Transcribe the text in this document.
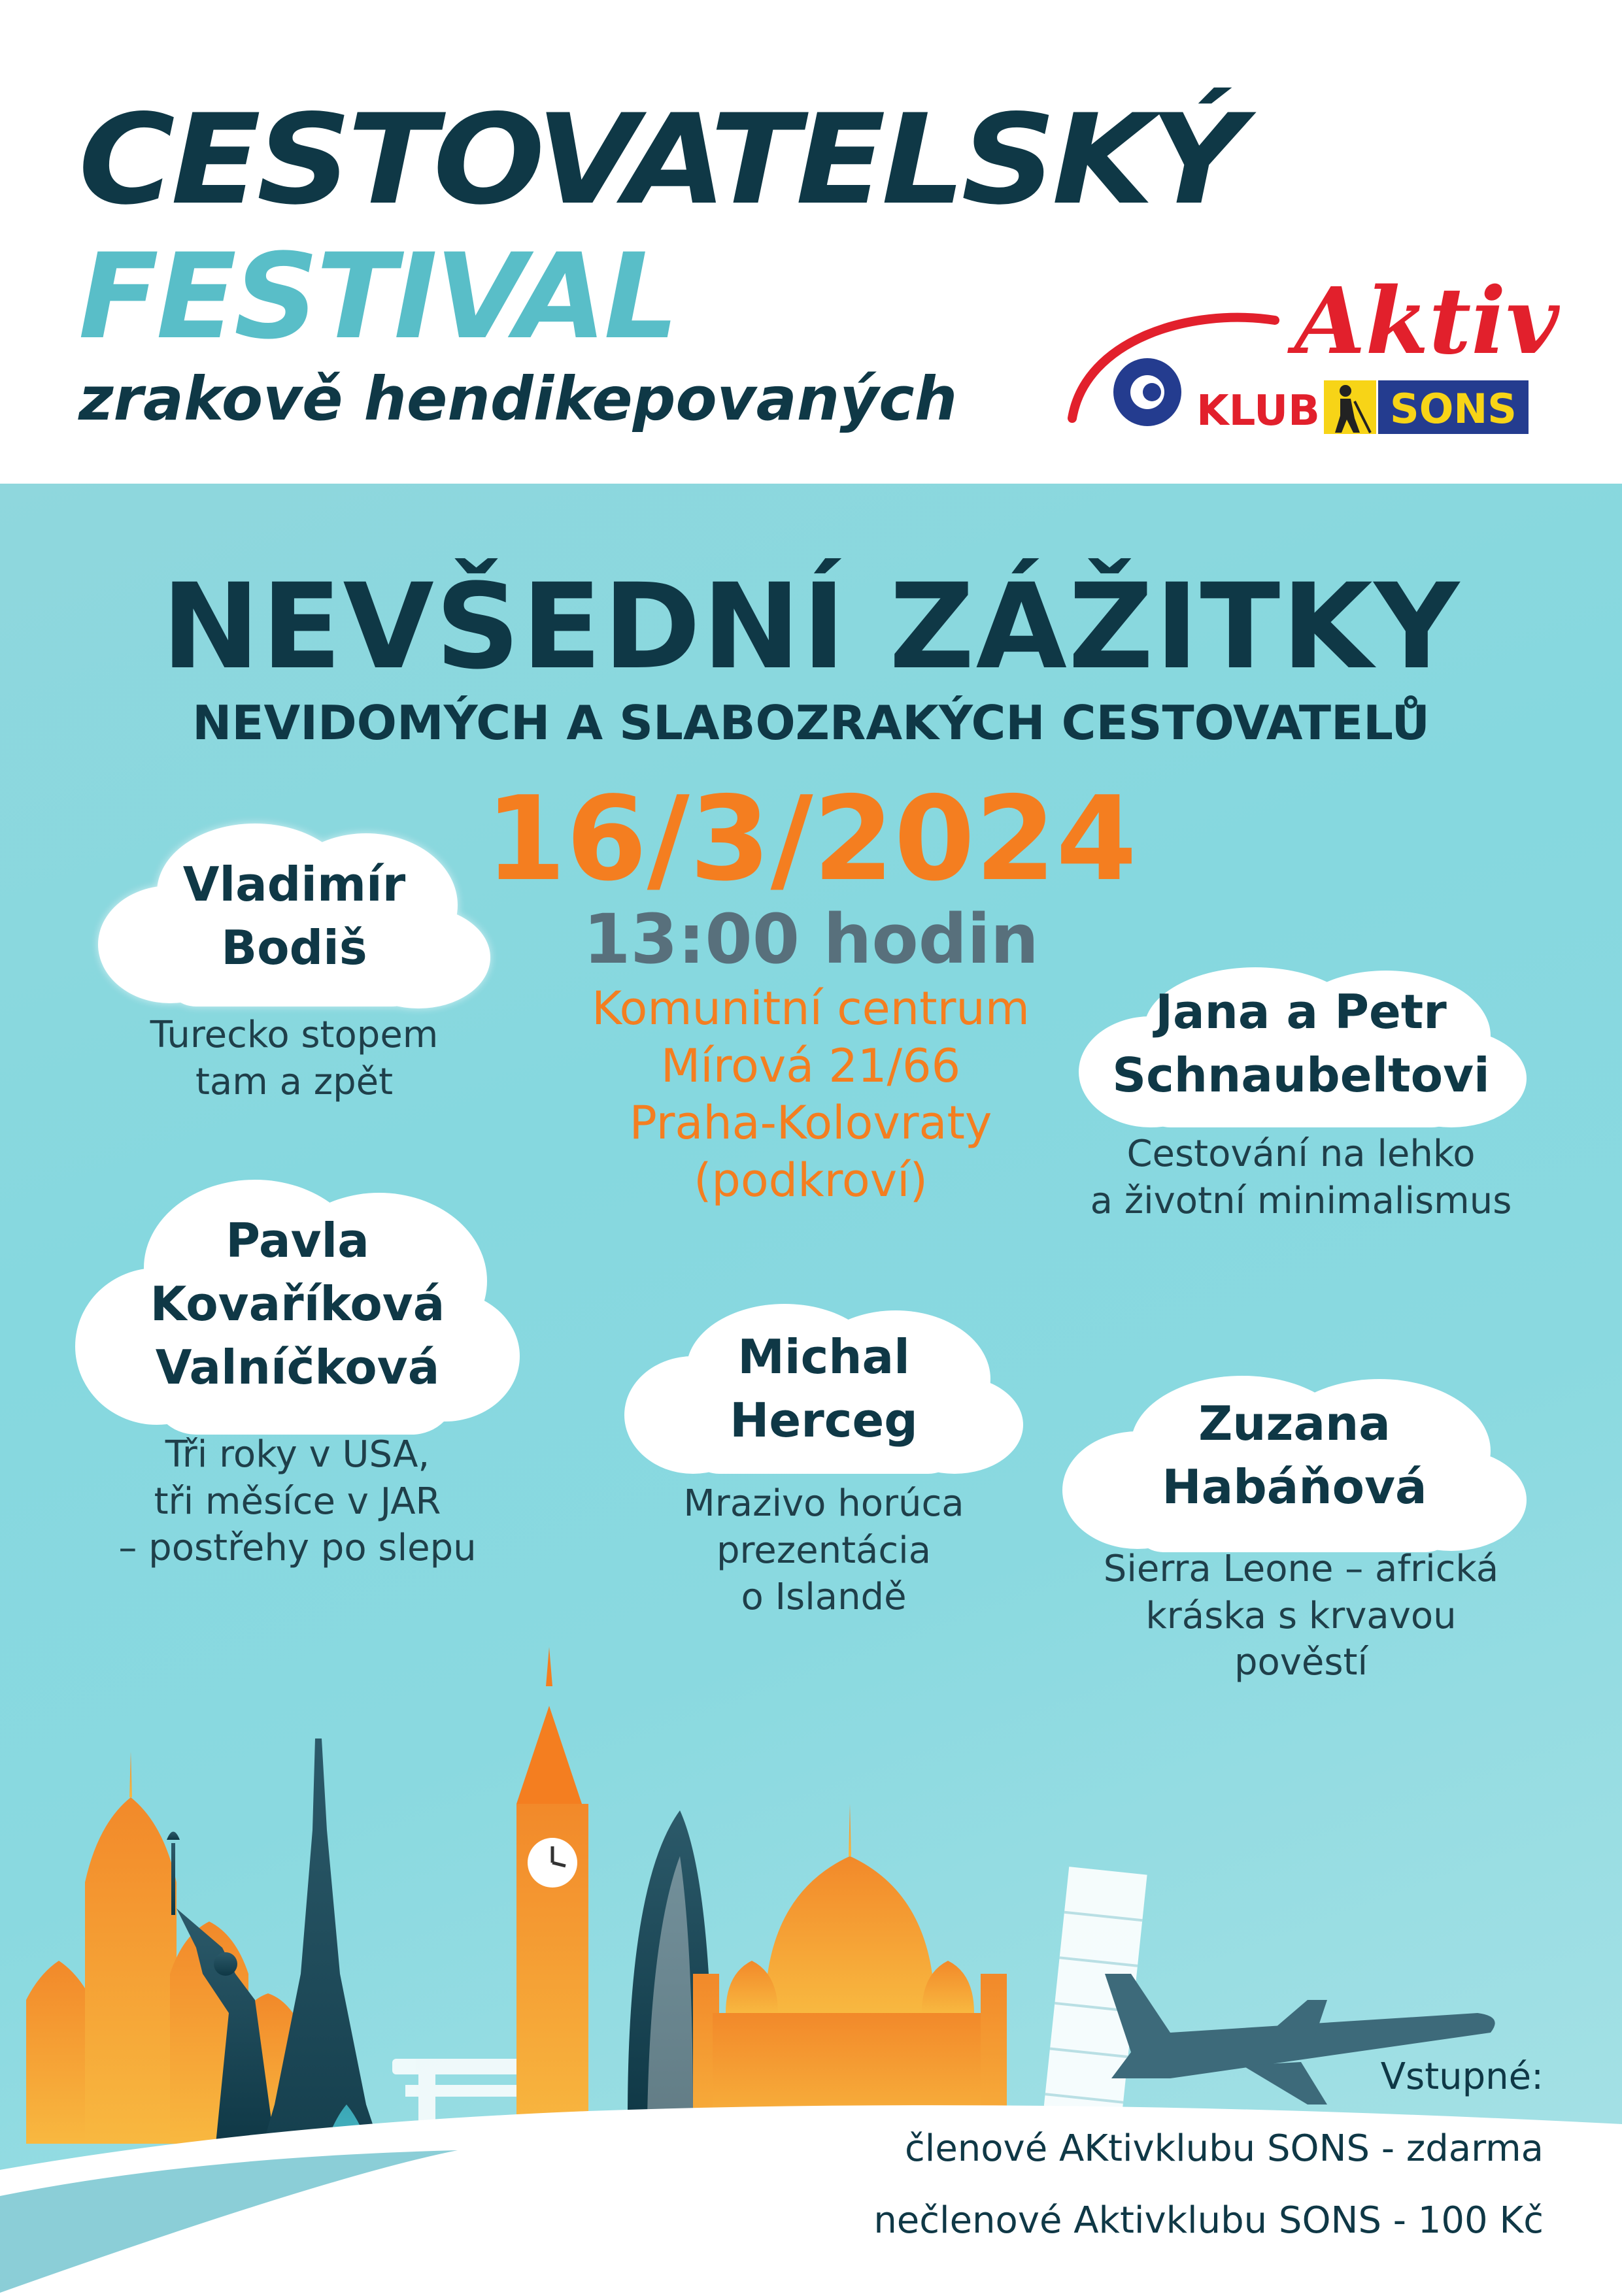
CESTOVATELSKÝ
FESTIVAL
zrakově hendikepovaných
Aktiv
KLUB SONS
NEVŠEDNÍ ZÁŽITKY
NEVIDOMÝCH A SLABOZRAKÝCH CESTOVATELŮ
16/3/2024
13:00 hodin
Komunitní centrum
Mírová 21/66
Praha-Kolovraty
(podkroví)
Vladimír
Bodiš
Turecko stopem
tam a zpět
Jana a Petr
Schnaubeltovi
Cestování na lehko
a životní minimalismus
Pavla
Kovaříková
Valníčková
Tři roky v USA,
tři měsíce v JAR
– postřehy po slepu
Michal
Herceg
Mrazivo horúca
prezentácia
o Islandě
Zuzana
Habáňová
Sierra Leone – africká
kráska s krvavou
pověstí
Vstupné:
členové AKtivklubu SONS - zdarma
nečlenové Aktivklubu SONS - 100 Kč
